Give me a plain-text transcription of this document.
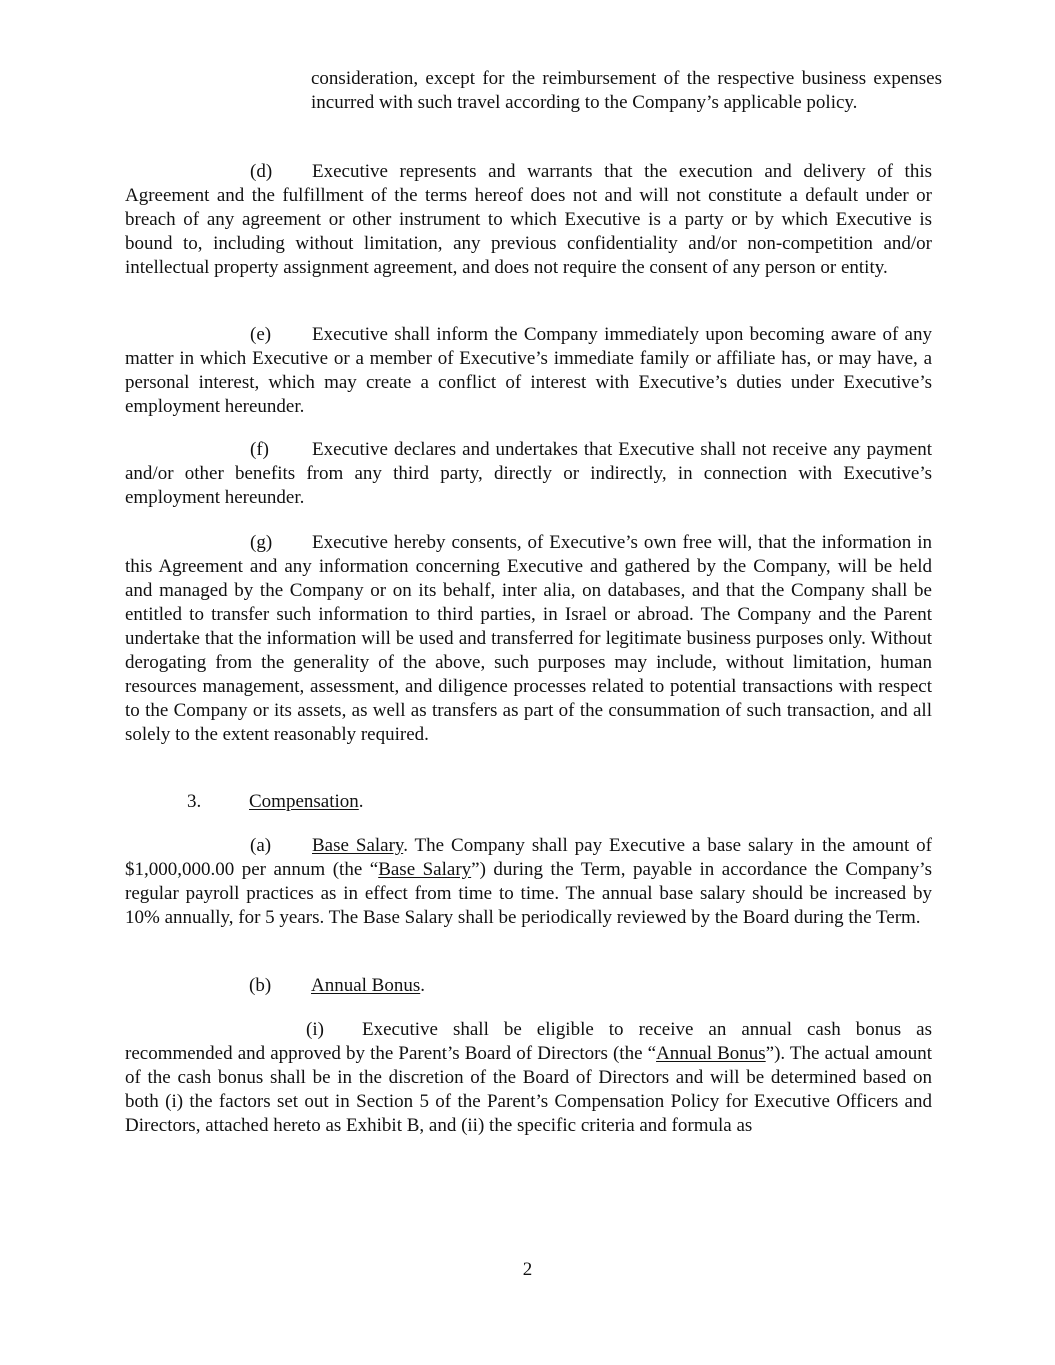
consideration, except for the reimbursement of the respective business expenses incurred with such travel according to the Company’s applicable policy.

(d) Executive represents and warrants that the execution and delivery of this Agreement and the fulfillment of the terms hereof does not and will not constitute a default under or breach of any agreement or other instrument to which Executive is a party or by which Executive is bound to, including without limitation, any previous confidentiality and/or non-competition and/or intellectual property assignment agreement, and does not require the consent of any person or entity.

(e) Executive shall inform the Company immediately upon becoming aware of any matter in which Executive or a member of Executive’s immediate family or affiliate has, or may have, a personal interest, which may create a conflict of interest with Executive’s duties under Executive’s employment hereunder.

(f) Executive declares and undertakes that Executive shall not receive any payment and/or other benefits from any third party, directly or indirectly, in connection with Executive’s employment hereunder.

(g) Executive hereby consents, of Executive’s own free will, that the information in this Agreement and any information concerning Executive and gathered by the Company, will be held and managed by the Company or on its behalf, inter alia, on databases, and that the Company shall be entitled to transfer such information to third parties, in Israel or abroad. The Company and the Parent undertake that the information will be used and transferred for legitimate business purposes only. Without derogating from the generality of the above, such purposes may include, without limitation, human resources management, assessment, and diligence processes related to potential transactions with respect to the Company or its assets, as well as transfers as part of the consummation of such transaction, and all solely to the extent reasonably required.

3.	Compensation.

(a) Base Salary. The Company shall pay Executive a base salary in the amount of $1,000,000.00 per annum (the “Base Salary”) during the Term, payable in accordance the Company’s regular payroll practices as in effect from time to time. The annual base salary should be increased by 10% annually, for 5 years. The Base Salary shall be periodically reviewed by the Board during the Term.

(b) Annual Bonus.

(i) Executive shall be eligible to receive an annual cash bonus as recommended and approved by the Parent’s Board of Directors (the “Annual Bonus”). The actual amount of the cash bonus shall be in the discretion of the Board of Directors and will be determined based on both (i) the factors set out in Section 5 of the Parent’s Compensation Policy for Executive Officers and Directors, attached hereto as Exhibit B, and (ii) the specific criteria and formula as

2
